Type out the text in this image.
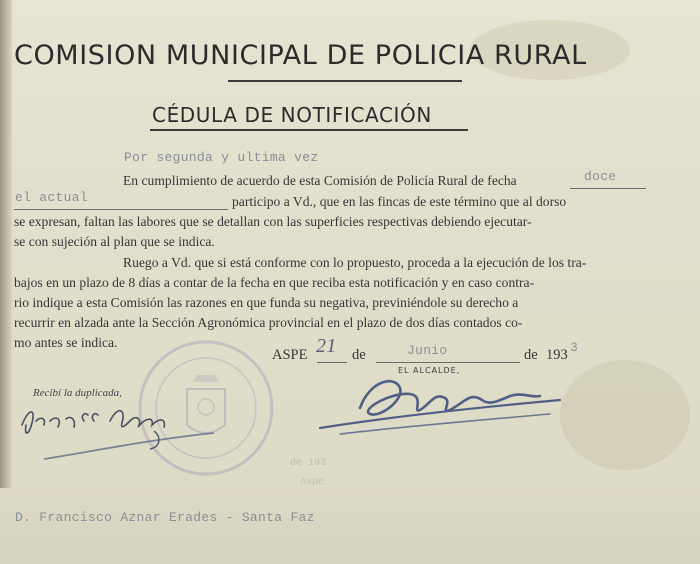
COMISION MUNICIPAL DE POLICIA RURAL
CÉDULA DE NOTIFICACIÓN
Por segunda y ultima vez
En cumplimiento de acuerdo de esta Comisión de Policía Rural de fecha	doce
el actual	participo a Vd., que en las fincas de este término que al dorso
se expresan, faltan las labores que se detallan con las superficies respectivas debiendo ejecutar-
se con sujeción al plan que se indica.
Ruego a Vd. que si está conforme con lo propuesto, proceda a la ejecución de los tra-
bajos en un plazo de 8 días a contar de la fecha en que reciba esta notificación y en caso contra-
rio indique a esta Comisión las razones en que funda su negativa, previniéndole su derecho a
recurrir en alzada ante la Sección Agronómica provincial en el plazo de dos días contados co-
mo antes se indica.
ASPE 21 de	Junio	de 193 3
EL ALCALDE,
Recibí la duplicada,
de 193
Aspe
D. Francisco Aznar Erades - Santa Faz
